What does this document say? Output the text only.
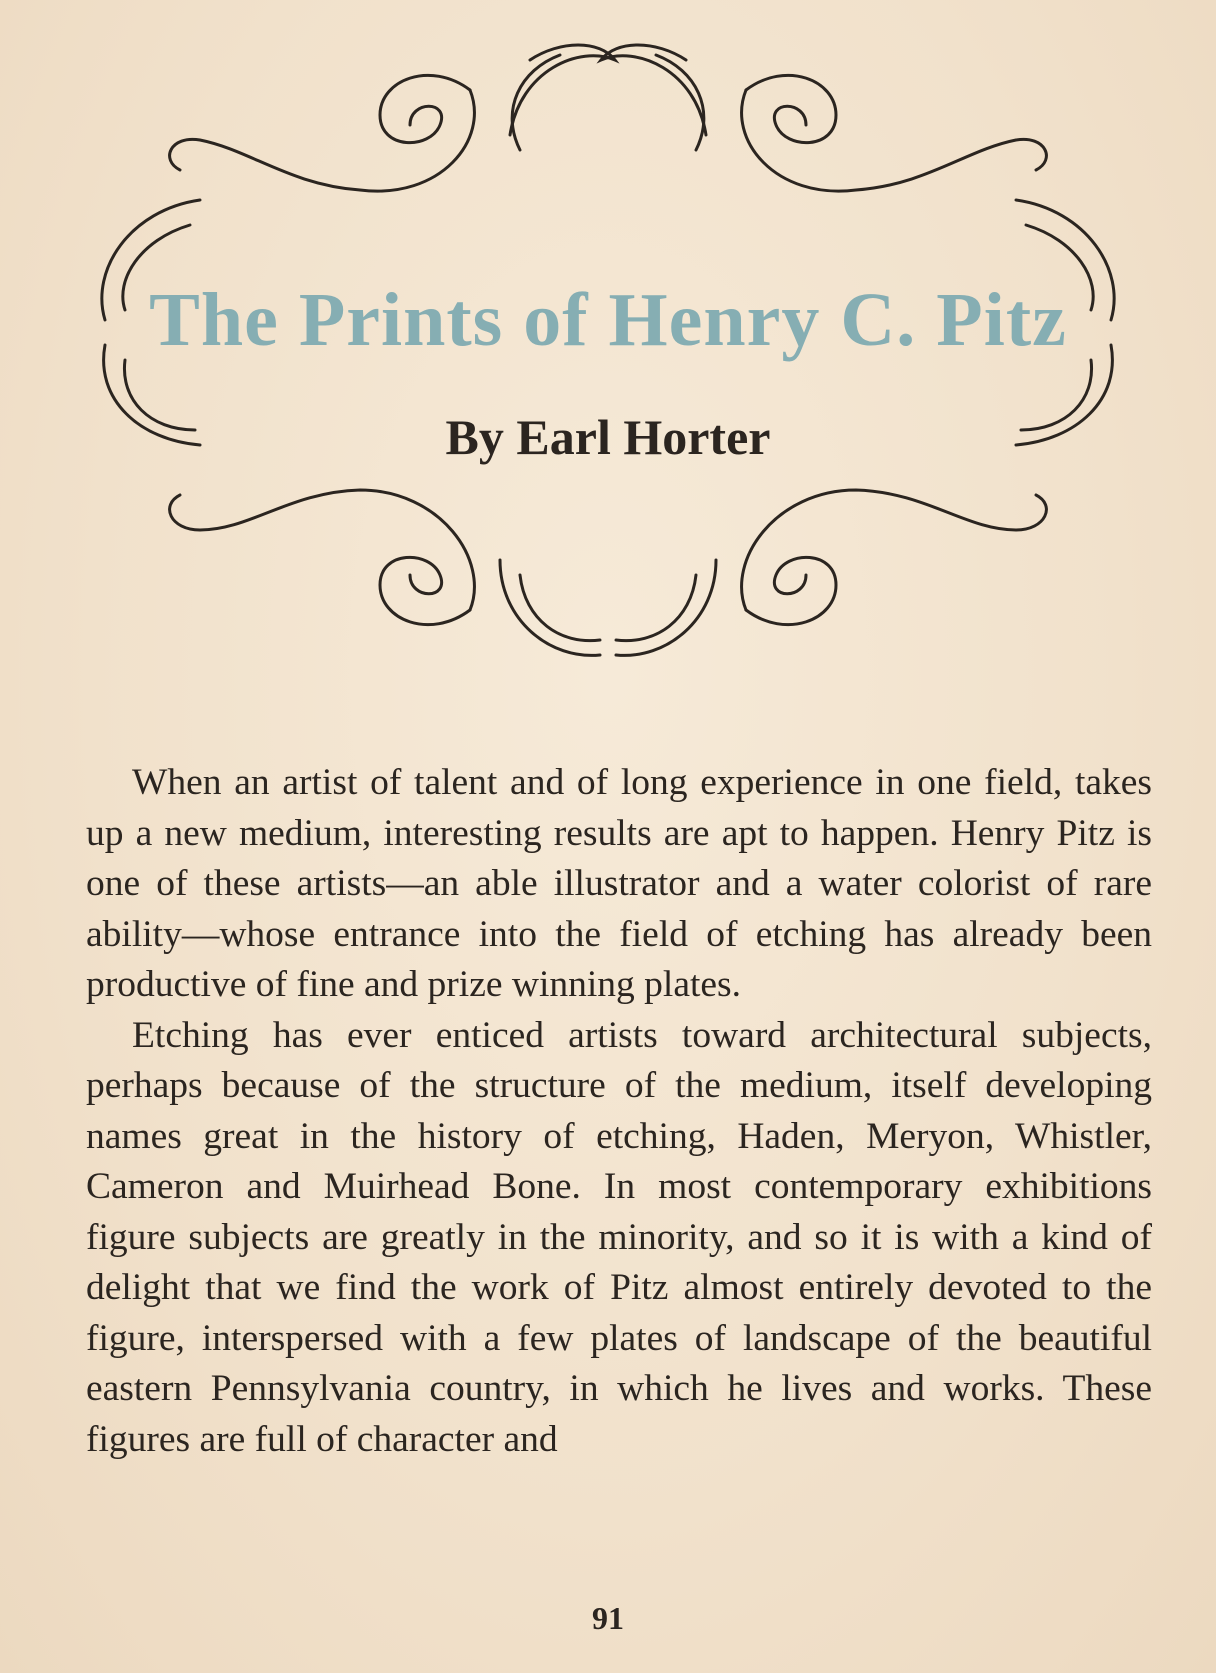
The Prints of Henry C. Pitz
By Earl Horter

When an artist of talent and of long experience in one field, takes up a new medium, interesting results are apt to happen. Henry Pitz is one of these artists—an able illustrator and a water colorist of rare ability—whose entrance into the field of etching has already been productive of fine and prize winning plates.

Etching has ever enticed artists toward architectural subjects, perhaps because of the structure of the medium, itself developing names great in the history of etching, Haden, Meryon, Whistler, Cameron and Muirhead Bone. In most contemporary exhibitions figure subjects are greatly in the minority, and so it is with a kind of delight that we find the work of Pitz almost entirely devoted to the figure, interspersed with a few plates of landscape of the beautiful eastern Pennsylvania country, in which he lives and works. These figures are full of character and

91
